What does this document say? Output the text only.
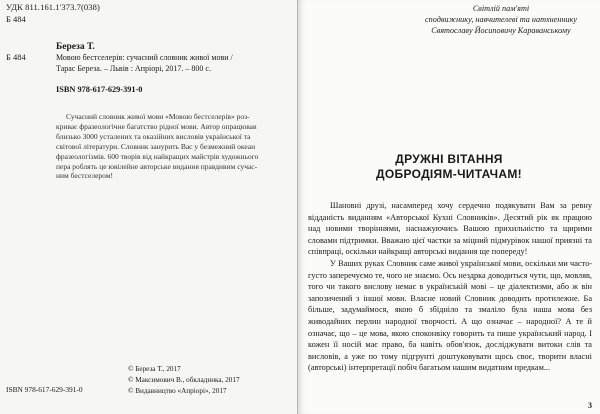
УДК 811.161.1'373.7(038)
Б 484
Б 484
Береза Т.

Мовою бестселерів: сучасний словник живої мови /

Тарас Береза. – Львів : Апріорі, 2017. – 800 с.

ISBN 978-617-629-391-0
Сучасний словник живої мови «Мовою бестселерів» роз-
криває фразеологічне багатство рідної мови. Автор опрацював
близько 3000 усталених та оказійних висловів української та
світової літератури. Словник занурить Вас у безмежний океан
фразеологізмів. 600 творів від найкращих майстрів художнього
пера роблять це ювілейне авторське видання правдивим сучас-
ним бестселером!
© Береза Т., 2017
© Максимович В., обкладинка, 2017
© Видавництво «Апріорі», 2017
ISBN 978-617-629-391-0
Світлій пам'яті
сподвижнику, навчителеві та натхненнику
Святославу Йосиповичу Караванському
ДРУЖНІ ВІТАННЯ
ДОБРОДІЯМ-ЧИТАЧАМ!

Шановні друзі, насамперед хочу сердечно подякувати Вам за ревну відданість виданням «Авторської Кухні Словників». Десятий рік як працюю над новими творіннями, наснажуючись Вашою прихильністю та щирими словами підтримки. Вважаю цієї частки за міцний підмурівок нашої приязні та співпраці, оскільки найкращі авторські видання ще попереду!

У Ваших руках Словник саме живої української мови, оскільки ми часто-густо заперечуємо те, чого не знаємо. Ось нездрка доводиться чути, що, мовляв, того чи такого вислову немає в українській мові – це діалектизми, або ж він запозичений з іншої мови. Власне новий Словник доводить протилежне. Ба більше, задумаймося, якою б збідніло та змаліло була наша мова без живодайних перлин народної творчості. А що означає – народної? А те й означає, що – це мова, якою споконвіку говорить та пише український народ. І кожен її носій має право, ба навіть обов'язок, досліджувати витоки слів та висловів, а уже по тому підгрунті доштуковувати щось своє, творити власні (авторські) інтерпретації побіч багатьом нашим видатним предкам...

3
